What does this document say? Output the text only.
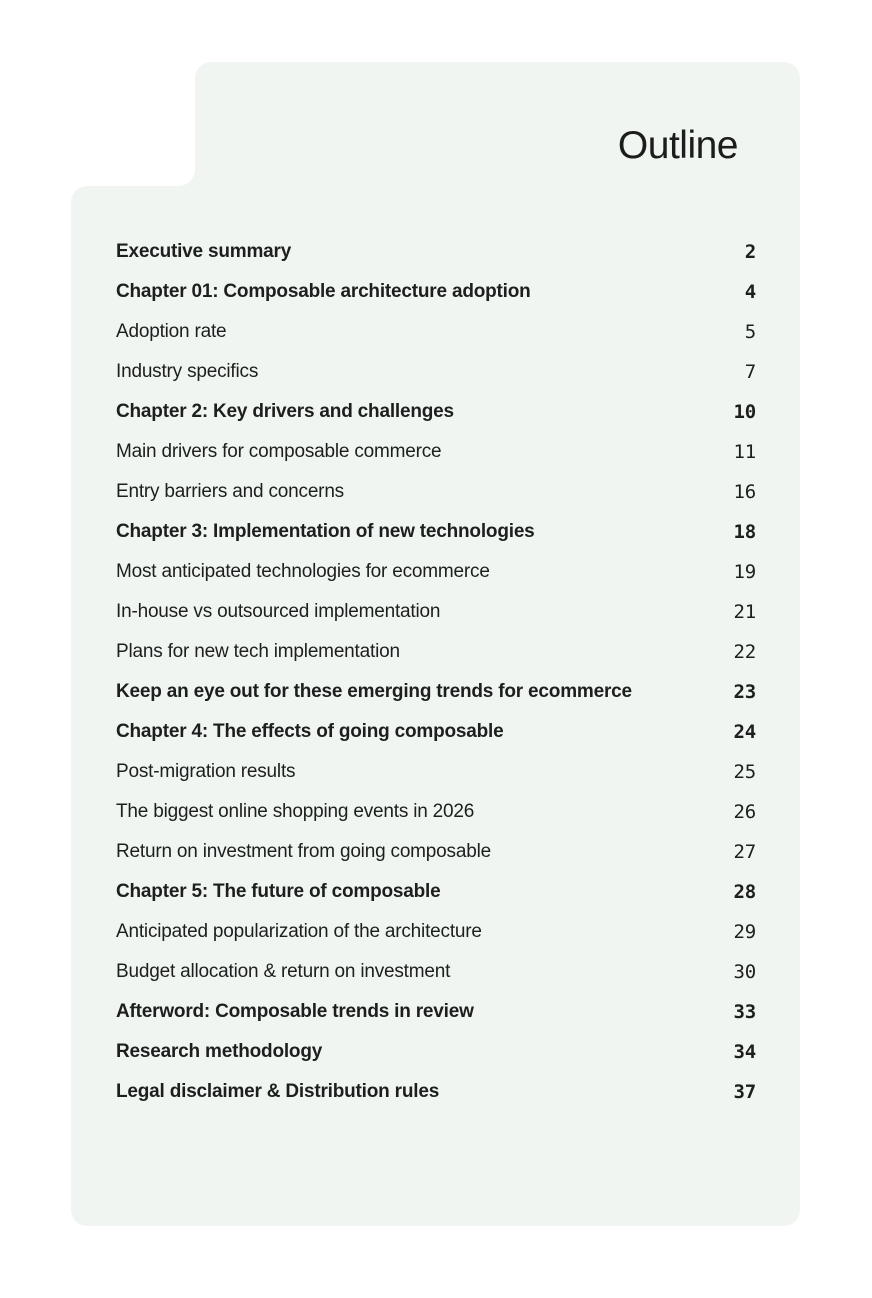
Outline
Executive summary	2
Chapter 01: Composable architecture adoption	4
Adoption rate	5
Industry specifics	7
Chapter 2: Key drivers and challenges	10
Main drivers for composable commerce	11
Entry barriers and concerns	16
Chapter 3: Implementation of new technologies	18
Most anticipated technologies for ecommerce	19
In-house vs outsourced implementation	21
Plans for new tech implementation	22
Keep an eye out for these emerging trends for ecommerce	23
Chapter 4: The effects of going composable	24
Post-migration results	25
The biggest online shopping events in 2026	26
Return on investment from going composable	27
Chapter 5: The future of composable	28
Anticipated popularization of the architecture	29
Budget allocation & return on investment	30
Afterword: Composable trends in review	33
Research methodology	34
Legal disclaimer & Distribution rules	37
